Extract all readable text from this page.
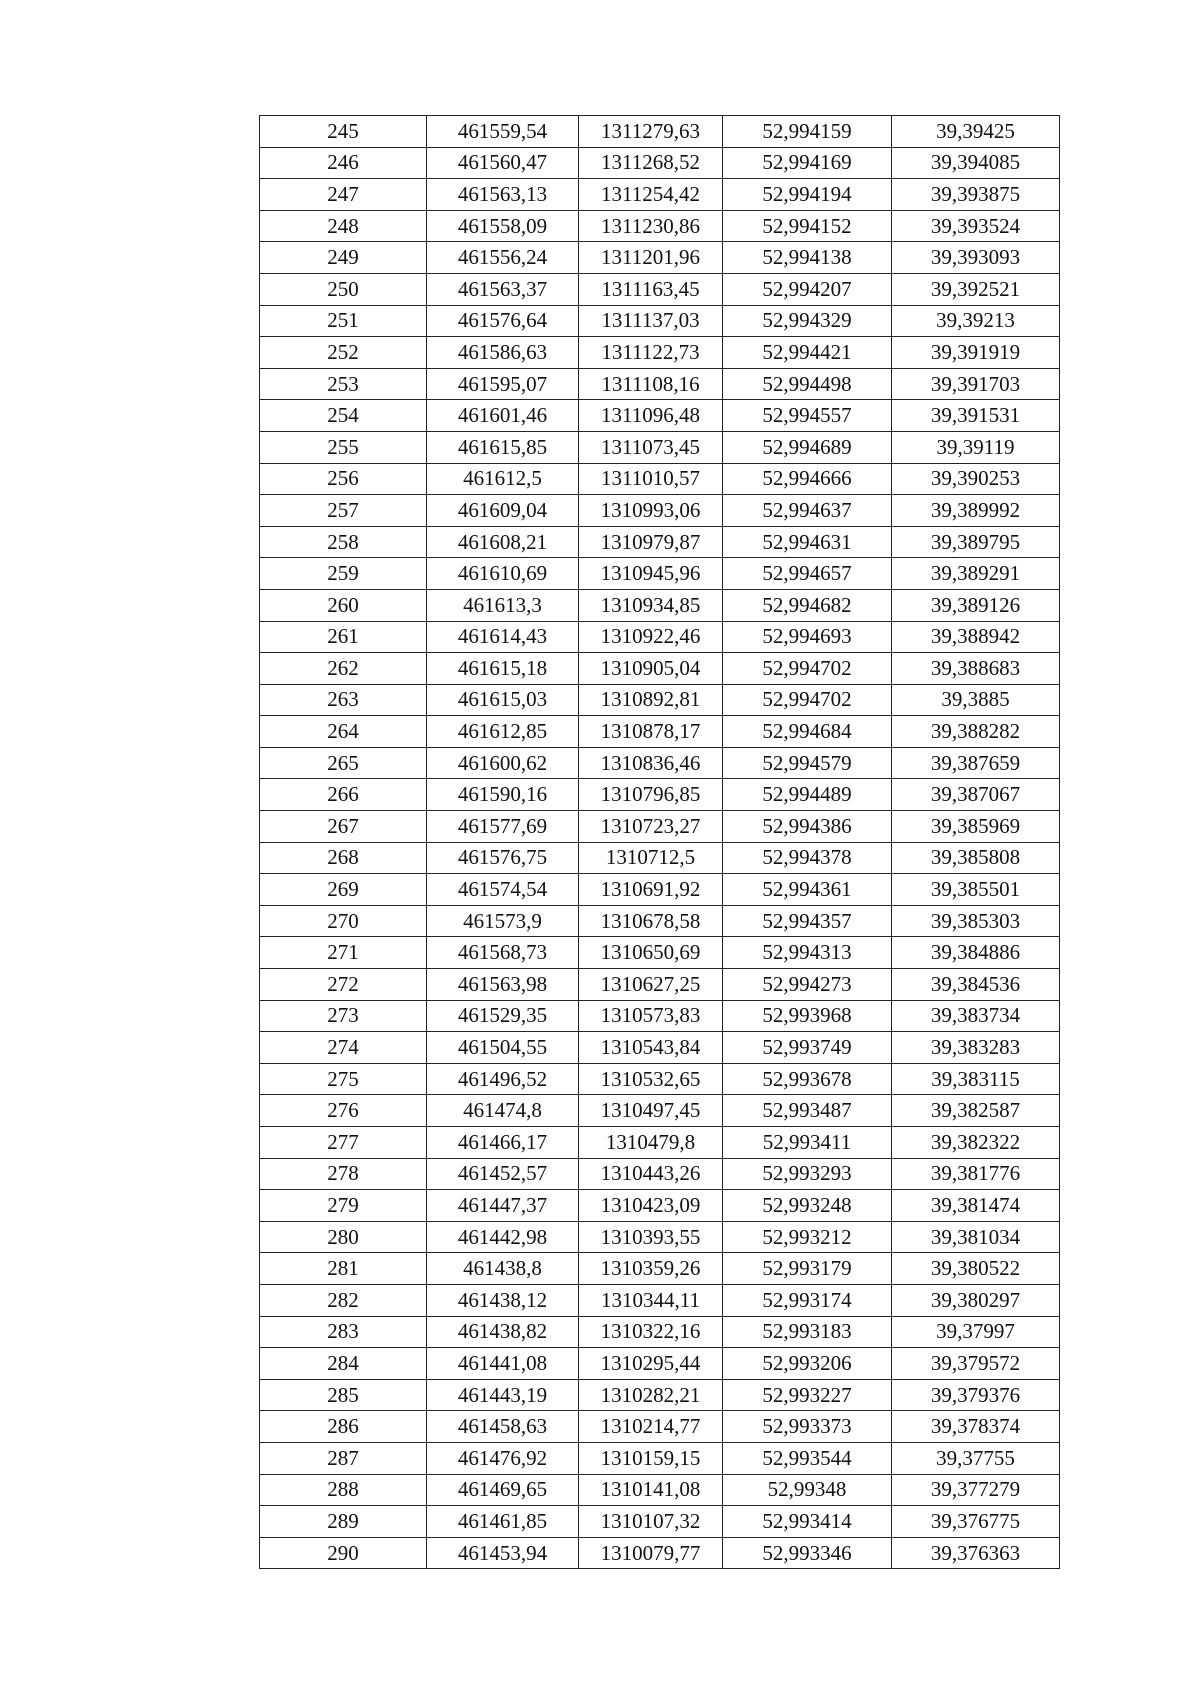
245	461559,54	1311279,63	52,994159	39,39425
246	461560,47	1311268,52	52,994169	39,394085
247	461563,13	1311254,42	52,994194	39,393875
248	461558,09	1311230,86	52,994152	39,393524
249	461556,24	1311201,96	52,994138	39,393093
250	461563,37	1311163,45	52,994207	39,392521
251	461576,64	1311137,03	52,994329	39,39213
252	461586,63	1311122,73	52,994421	39,391919
253	461595,07	1311108,16	52,994498	39,391703
254	461601,46	1311096,48	52,994557	39,391531
255	461615,85	1311073,45	52,994689	39,39119
256	461612,5	1311010,57	52,994666	39,390253
257	461609,04	1310993,06	52,994637	39,389992
258	461608,21	1310979,87	52,994631	39,389795
259	461610,69	1310945,96	52,994657	39,389291
260	461613,3	1310934,85	52,994682	39,389126
261	461614,43	1310922,46	52,994693	39,388942
262	461615,18	1310905,04	52,994702	39,388683
263	461615,03	1310892,81	52,994702	39,3885
264	461612,85	1310878,17	52,994684	39,388282
265	461600,62	1310836,46	52,994579	39,387659
266	461590,16	1310796,85	52,994489	39,387067
267	461577,69	1310723,27	52,994386	39,385969
268	461576,75	1310712,5	52,994378	39,385808
269	461574,54	1310691,92	52,994361	39,385501
270	461573,9	1310678,58	52,994357	39,385303
271	461568,73	1310650,69	52,994313	39,384886
272	461563,98	1310627,25	52,994273	39,384536
273	461529,35	1310573,83	52,993968	39,383734
274	461504,55	1310543,84	52,993749	39,383283
275	461496,52	1310532,65	52,993678	39,383115
276	461474,8	1310497,45	52,993487	39,382587
277	461466,17	1310479,8	52,993411	39,382322
278	461452,57	1310443,26	52,993293	39,381776
279	461447,37	1310423,09	52,993248	39,381474
280	461442,98	1310393,55	52,993212	39,381034
281	461438,8	1310359,26	52,993179	39,380522
282	461438,12	1310344,11	52,993174	39,380297
283	461438,82	1310322,16	52,993183	39,37997
284	461441,08	1310295,44	52,993206	39,379572
285	461443,19	1310282,21	52,993227	39,379376
286	461458,63	1310214,77	52,993373	39,378374
287	461476,92	1310159,15	52,993544	39,37755
288	461469,65	1310141,08	52,99348	39,377279
289	461461,85	1310107,32	52,993414	39,376775
290	461453,94	1310079,77	52,993346	39,376363
